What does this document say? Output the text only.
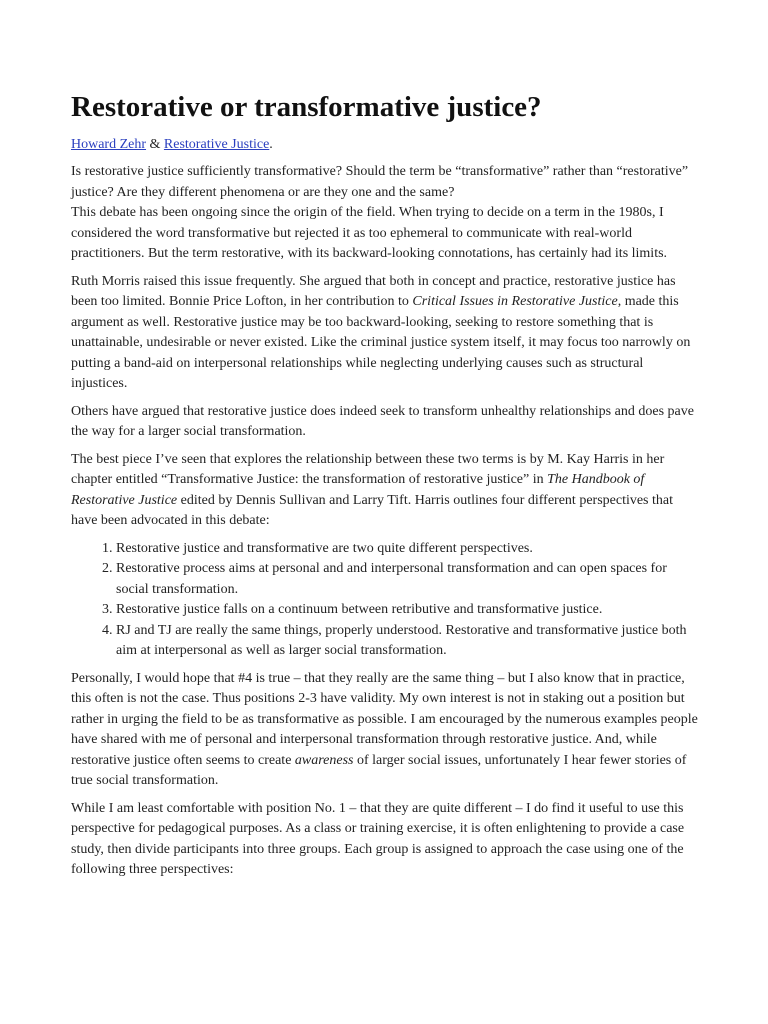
Restorative or transformative justice?
Howard Zehr & Restorative Justice.

Is restorative justice sufficiently transformative? Should the term be “transformative” rather than “restorative” justice? Are they different phenomena or are they one and the same?

This debate has been ongoing since the origin of the field. When trying to decide on a term in the 1980s, I considered the word transformative but rejected it as too ephemeral to communicate with real-world practitioners. But the term restorative, with its backward-looking connotations, has certainly had its limits.

Ruth Morris raised this issue frequently. She argued that both in concept and practice, restorative justice has been too limited. Bonnie Price Lofton, in her contribution to Critical Issues in Restorative Justice, made this argument as well. Restorative justice may be too backward-looking, seeking to restore something that is unattainable, undesirable or never existed. Like the criminal justice system itself, it may focus too narrowly on putting a band-aid on interpersonal relationships while neglecting underlying causes such as structural injustices.

Others have argued that restorative justice does indeed seek to transform unhealthy relationships and does pave the way for a larger social transformation.

The best piece I’ve seen that explores the relationship between these two terms is by M. Kay Harris in her chapter entitled “Transformative Justice: the transformation of restorative justice” in The Handbook of Restorative Justice edited by Dennis Sullivan and Larry Tift. Harris outlines four different perspectives that have been advocated in this debate:

1. Restorative justice and transformative are two quite different perspectives.
2. Restorative process aims at personal and and interpersonal transformation and can open spaces for social transformation.
3. Restorative justice falls on a continuum between retributive and transformative justice.
4. RJ and TJ are really the same things, properly understood. Restorative and transformative justice both aim at interpersonal as well as larger social transformation.

Personally, I would hope that #4 is true – that they really are the same thing – but I also know that in practice, this often is not the case. Thus positions 2-3 have validity. My own interest is not in staking out a position but rather in urging the field to be as transformative as possible. I am encouraged by the numerous examples people have shared with me of personal and interpersonal transformation through restorative justice. And, while restorative justice often seems to create awareness of larger social issues, unfortunately I hear fewer stories of true social transformation.

While I am least comfortable with position No. 1 – that they are quite different – I do find it useful to use this perspective for pedagogical purposes. As a class or training exercise, it is often enlightening to provide a case study, then divide participants into three groups. Each group is assigned to approach the case using one of the following three perspectives:
